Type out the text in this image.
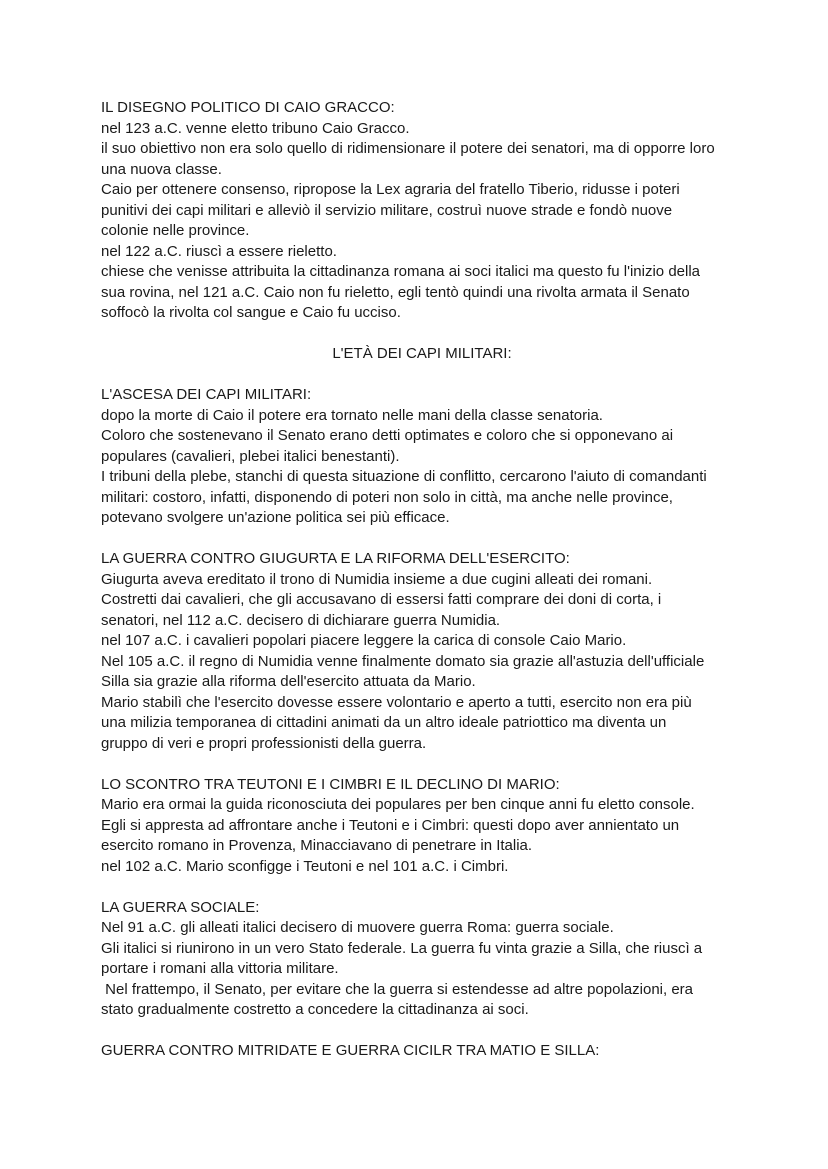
IL DISEGNO POLITICO DI CAIO GRACCO:

nel 123 a.C. venne eletto tribuno Caio Gracco.

il suo obiettivo non era solo quello di ridimensionare il potere dei senatori, ma di opporre loro

una nuova classe.

Caio per ottenere consenso, ripropose la Lex agraria del fratello Tiberio, ridusse i poteri

punitivi dei capi militari e alleviò il servizio militare, costruì nuove strade e fondò nuove

colonie nelle province.

nel 122 a.C. riuscì a essere rieletto.

chiese che venisse attribuita la cittadinanza romana ai soci italici ma questo fu l'inizio della

sua rovina, nel 121 a.C. Caio non fu rieletto, egli tentò quindi una rivolta armata il Senato

soffocò la rivolta col sangue e Caio fu ucciso.

L'ETÀ DEI CAPI MILITARI:

L'ASCESA DEI CAPI MILITARI:

dopo la morte di Caio il potere era tornato nelle mani della classe senatoria.

Coloro che sostenevano il Senato erano detti optimates e coloro che si opponevano ai

populares (cavalieri, plebei italici benestanti).

I tribuni della plebe, stanchi di questa situazione di conflitto, cercarono l'aiuto di comandanti

militari: costoro, infatti, disponendo di poteri non solo in città, ma anche nelle province,

potevano svolgere un'azione politica sei più efficace.

LA GUERRA CONTRO GIUGURTA E LA RIFORMA DELL'ESERCITO:

Giugurta aveva ereditato il trono di Numidia insieme a due cugini alleati dei romani.

Costretti dai cavalieri, che gli accusavano di essersi fatti comprare dei doni di corta, i

senatori, nel 112 a.C. decisero di dichiarare guerra Numidia.

nel 107 a.C. i cavalieri popolari piacere leggere la carica di console Caio Mario.

Nel 105 a.C. il regno di Numidia venne finalmente domato sia grazie all'astuzia dell'ufficiale

Silla sia grazie alla riforma dell'esercito attuata da Mario.

Mario stabilì che l'esercito dovesse essere volontario e aperto a tutti, esercito non era più

una milizia temporanea di cittadini animati da un altro ideale patriottico ma diventa un

gruppo di veri e propri professionisti della guerra.

LO SCONTRO TRA TEUTONI E I CIMBRI E IL DECLINO DI MARIO:

Mario era ormai la guida riconosciuta dei populares per ben cinque anni fu eletto console.

Egli si appresta ad affrontare anche i Teutoni e i Cimbri: questi dopo aver annientato un

esercito romano in Provenza, Minacciavano di penetrare in Italia.

nel 102 a.C. Mario sconfigge i Teutoni e nel 101 a.C. i Cimbri.

LA GUERRA SOCIALE:

Nel 91 a.C. gli alleati italici decisero di muovere guerra Roma: guerra sociale.

Gli italici si riunirono in un vero Stato federale. La guerra fu vinta grazie a Silla, che riuscì a

portare i romani alla vittoria militare.

Nel frattempo, il Senato, per evitare che la guerra si estendesse ad altre popolazioni, era

stato gradualmente costretto a concedere la cittadinanza ai soci.

GUERRA CONTRO MITRIDATE E GUERRA CICILR TRA MATIO E SILLA:
